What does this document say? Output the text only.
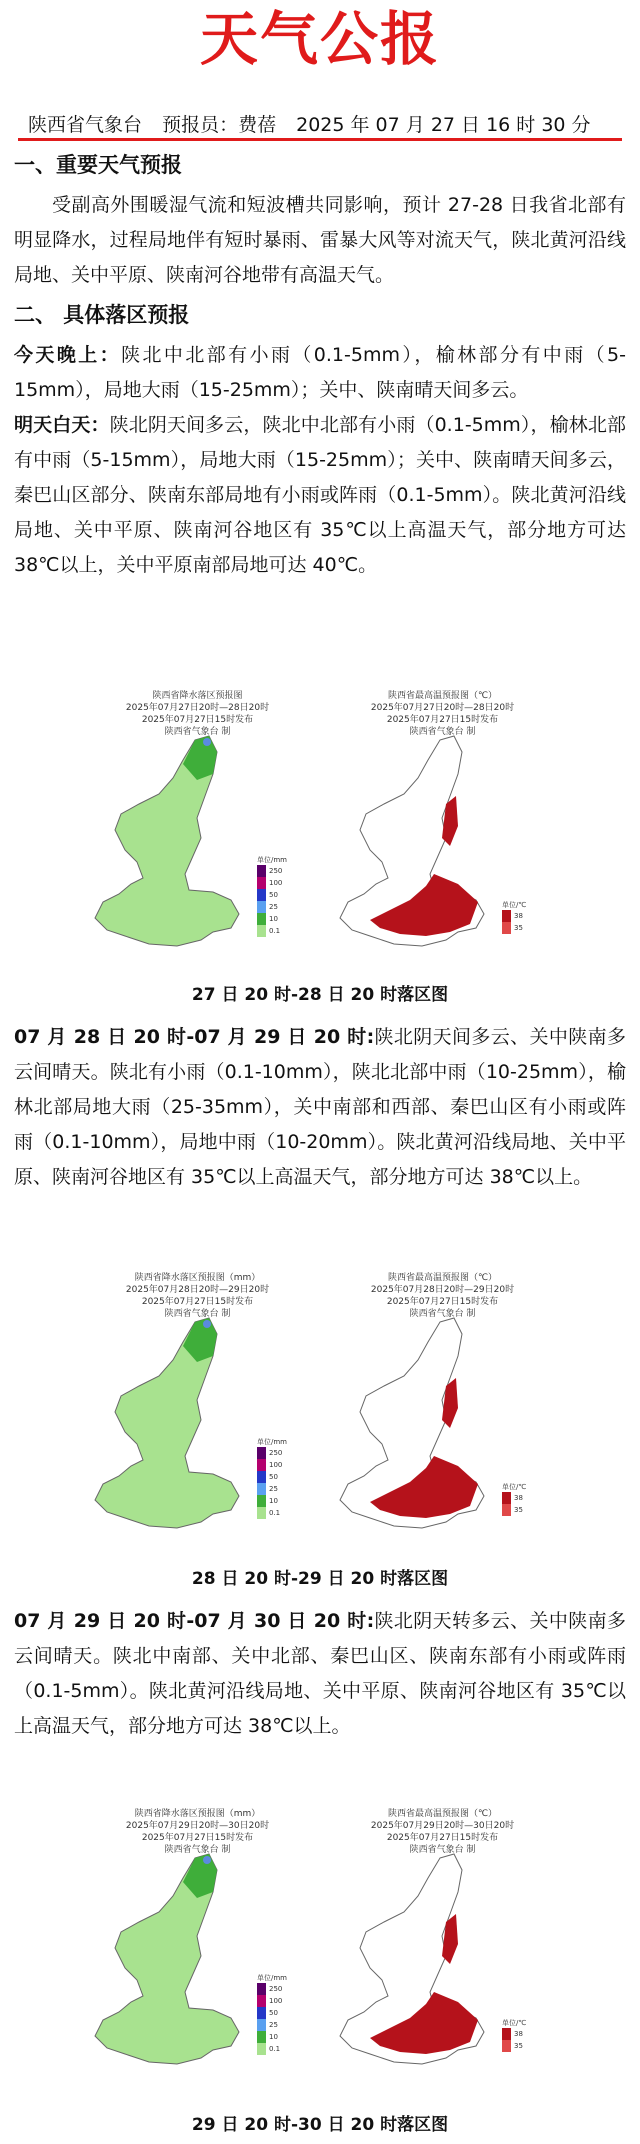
天气公报
陕西省气象台 预报员：费蓓 2025 年 07 月 27 日 16 时 30 分
一、重要天气预报
受副高外围暖湿气流和短波槽共同影响，预计 27-28 日我省北部有明显降水，过程局地伴有短时暴雨、雷暴大风等对流天气，陕北黄河沿线局地、关中平原、陕南河谷地带有高温天气。
二、 具体落区预报
今天晚上：陕北中北部有小雨（0.1-5mm），榆林部分有中雨（5-15mm），局地大雨（15-25mm）；关中、陕南晴天间多云。
明天白天：陕北阴天间多云，陕北中北部有小雨（0.1-5mm），榆林北部有中雨（5-15mm），局地大雨（15-25mm）；关中、陕南晴天间多云，秦巴山区部分、陕南东部局地有小雨或阵雨（0.1-5mm）。陕北黄河沿线局地、关中平原、陕南河谷地区有 35℃以上高温天气，部分地方可达 38℃以上，关中平原南部局地可达 40℃。
陕西省降水落区预报图
2025年07月27日20时—28日20时
2025年07月27日15时发布
陕西省气象台 制
单位/mm
250
100
50
25
10
0.1
陕西省最高温预报图（℃）
2025年07月27日20时—28日20时
2025年07月27日15时发布
陕西省气象台 制
单位/℃
38
35
27 日 20 时-28 日 20 时落区图
07 月 28 日 20 时-07 月 29 日 20 时:陕北阴天间多云、关中陕南多云间晴天。陕北有小雨（0.1-10mm），陕北北部中雨（10-25mm），榆林北部局地大雨（25-35mm），关中南部和西部、秦巴山区有小雨或阵雨（0.1-10mm），局地中雨（10-20mm）。陕北黄河沿线局地、关中平原、陕南河谷地区有 35℃以上高温天气，部分地方可达 38℃以上。
陕西省降水落区预报图（mm）
2025年07月28日20时—29日20时
2025年07月27日15时发布
陕西省气象台 制
单位/mm
250
100
50
25
10
0.1
陕西省最高温预报图（℃）
2025年07月28日20时—29日20时
2025年07月27日15时发布
陕西省气象台 制
单位/℃
38
35
28 日 20 时-29 日 20 时落区图
07 月 29 日 20 时-07 月 30 日 20 时:陕北阴天转多云、关中陕南多云间晴天。陕北中南部、关中北部、秦巴山区、陕南东部有小雨或阵雨（0.1-5mm）。陕北黄河沿线局地、关中平原、陕南河谷地区有 35℃以上高温天气，部分地方可达 38℃以上。
陕西省降水落区预报图（mm）
2025年07月29日20时—30日20时
2025年07月27日15时发布
陕西省气象台 制
单位/mm
250
100
50
25
10
0.1
陕西省最高温预报图（℃）
2025年07月29日20时—30日20时
2025年07月27日15时发布
陕西省气象台 制
单位/℃
38
35
29 日 20 时-30 日 20 时落区图
